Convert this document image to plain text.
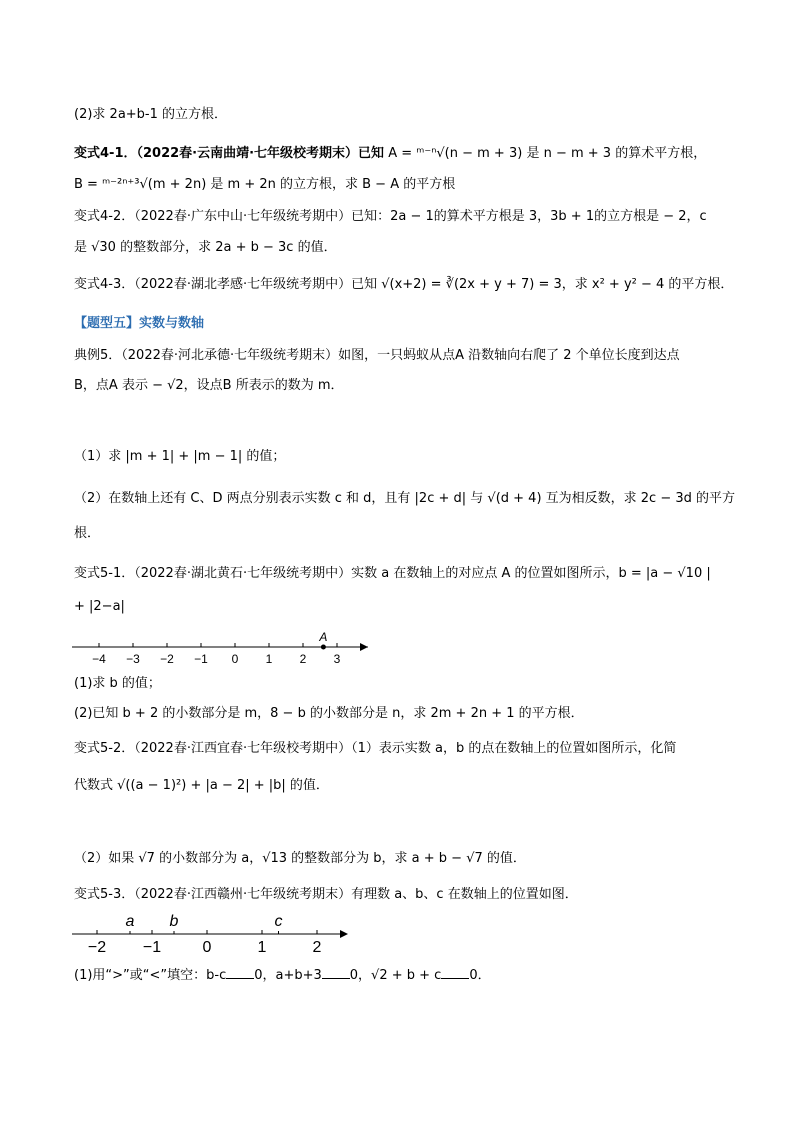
(2)求 2a+b-1 的立方根．
变式4-1．（2022春·云南曲靖·七年级校考期末）已知 A = ᵐ⁻ⁿ√(n − m + 3) 是 n − m + 3 的算术平方根，
B = ᵐ⁻²ⁿ⁺³√(m + 2n) 是 m + 2n 的立方根，求 B − A 的平方根
变式4-2．（2022春·广东中山·七年级统考期中）已知：2a − 1的算术平方根是 3，3b + 1的立方根是 − 2，c
是 √30 的整数部分，求 2a + b − 3c 的值．
变式4-3．（2022春·湖北孝感·七年级统考期中）已知 √(x+2) = ∛(2x + y + 7) = 3，求 x² + y² − 4 的平方根．
【题型五】实数与数轴
典例5．（2022春·河北承德·七年级统考期末）如图，一只蚂蚁从点A 沿数轴向右爬了 2 个单位长度到达点
B，点A 表示 − √2，设点B 所表示的数为 m．
（1）求 |m + 1| + |m − 1| 的值；
（2）在数轴上还有 C、D 两点分别表示实数 c 和 d，且有 |2c + d| 与 √(d + 4) 互为相反数，求 2c − 3d 的平方
根．
变式5-1．（2022春·湖北黄石·七年级统考期中）实数 a 在数轴上的对应点 A 的位置如图所示，b = |a − √10 |
+ |2−a|
−4 −3 −2 −1 0 1 2 3
A
(1)求 b 的值；
(2)已知 b + 2 的小数部分是 m，8 − b 的小数部分是 n，求 2m + 2n + 1 的平方根．
变式5-2．（2022春·江西宜春·七年级校考期中）（1）表示实数 a，b 的点在数轴上的位置如图所示，化简
代数式 √((a − 1)²) + |a − 2| + |b| 的值．
（2）如果 √7 的小数部分为 a，√13 的整数部分为 b，求 a + b − √7 的值．
变式5-3．（2022春·江西赣州·七年级统考期末）有理数 a、b、c 在数轴上的位置如图．
−2 −1	0	1	2
a b	c
(1)用“>”或“<”填空：b-c 0，a+b+3 0，√2 + b + c 0．
